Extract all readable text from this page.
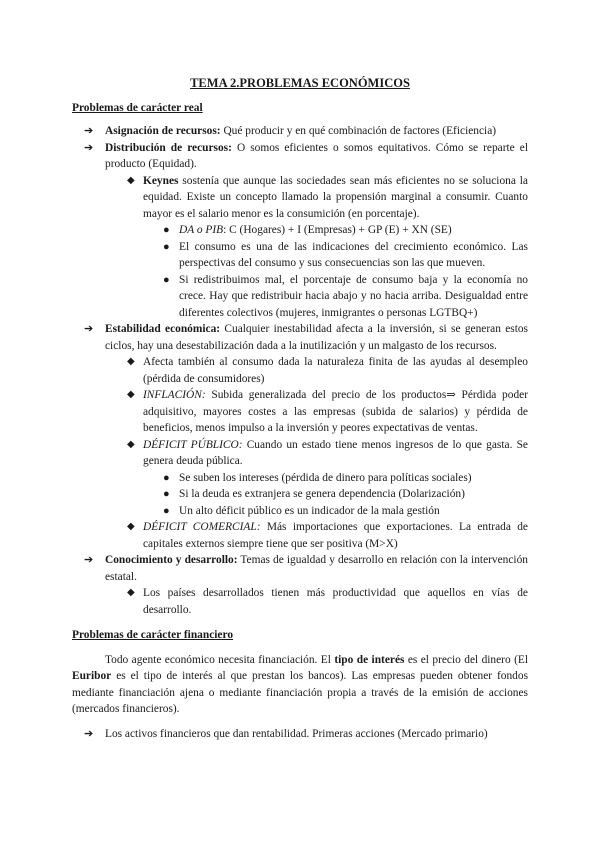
TEMA 2.PROBLEMAS ECONÓMICOS
Problemas de carácter real
➔ Asignación de recursos: Qué producir y en qué combinación de factores (Eficiencia)
➔ Distribución de recursos: O somos eficientes o somos equitativos. Cómo se reparte el producto (Equidad).
◆ Keynes sostenía que aunque las sociedades sean más eficientes no se soluciona la equidad. Existe un concepto llamado la propensión marginal a consumir. Cuanto mayor es el salario menor es la consumición (en porcentaje).
● DA o PIB: C (Hogares) + I (Empresas) + GP (E) + XN (SE)
● El consumo es una de las indicaciones del crecimiento económico. Las perspectivas del consumo y sus consecuencias son las que mueven.
● Si redistribuimos mal, el porcentaje de consumo baja y la economía no crece. Hay que redistribuir hacia abajo y no hacia arriba. Desigualdad entre diferentes colectivos (mujeres, inmigrantes o personas LGTBQ+)
➔ Estabilidad económica: Cualquier inestabilidad afecta a la inversión, si se generan estos ciclos, hay una desestabilización dada a la inutilización y un malgasto de los recursos.
◆ Afecta también al consumo dada la naturaleza finita de las ayudas al desempleo (pérdida de consumidores)
◆ INFLACIÓN: Subida generalizada del precio de los productos⇒ Pérdida poder adquisitivo, mayores costes a las empresas (subida de salarios) y pérdida de beneficios, menos impulso a la inversión y peores expectativas de ventas.
◆ DÉFICIT PÚBLICO: Cuando un estado tiene menos ingresos de lo que gasta. Se genera deuda pública.
● Se suben los intereses (pérdida de dinero para políticas sociales)
● Si la deuda es extranjera se genera dependencia (Dolarización)
● Un alto déficit público es un indicador de la mala gestión
◆ DÉFICIT COMERCIAL: Más importaciones que exportaciones. La entrada de capitales externos siempre tiene que ser positiva (M>X)
➔ Conocimiento y desarrollo: Temas de igualdad y desarrollo en relación con la intervención estatal.
◆ Los países desarrollados tienen más productividad que aquellos en vías de desarrollo.
Problemas de carácter financiero
Todo agente económico necesita financiación. El tipo de interés es el precio del dinero (El Euribor es el tipo de interés al que prestan los bancos). Las empresas pueden obtener fondos mediante financiación ajena o mediante financiación propia a través de la emisión de acciones (mercados financieros).
➔ Los activos financieros que dan rentabilidad. Primeras acciones (Mercado primario)
